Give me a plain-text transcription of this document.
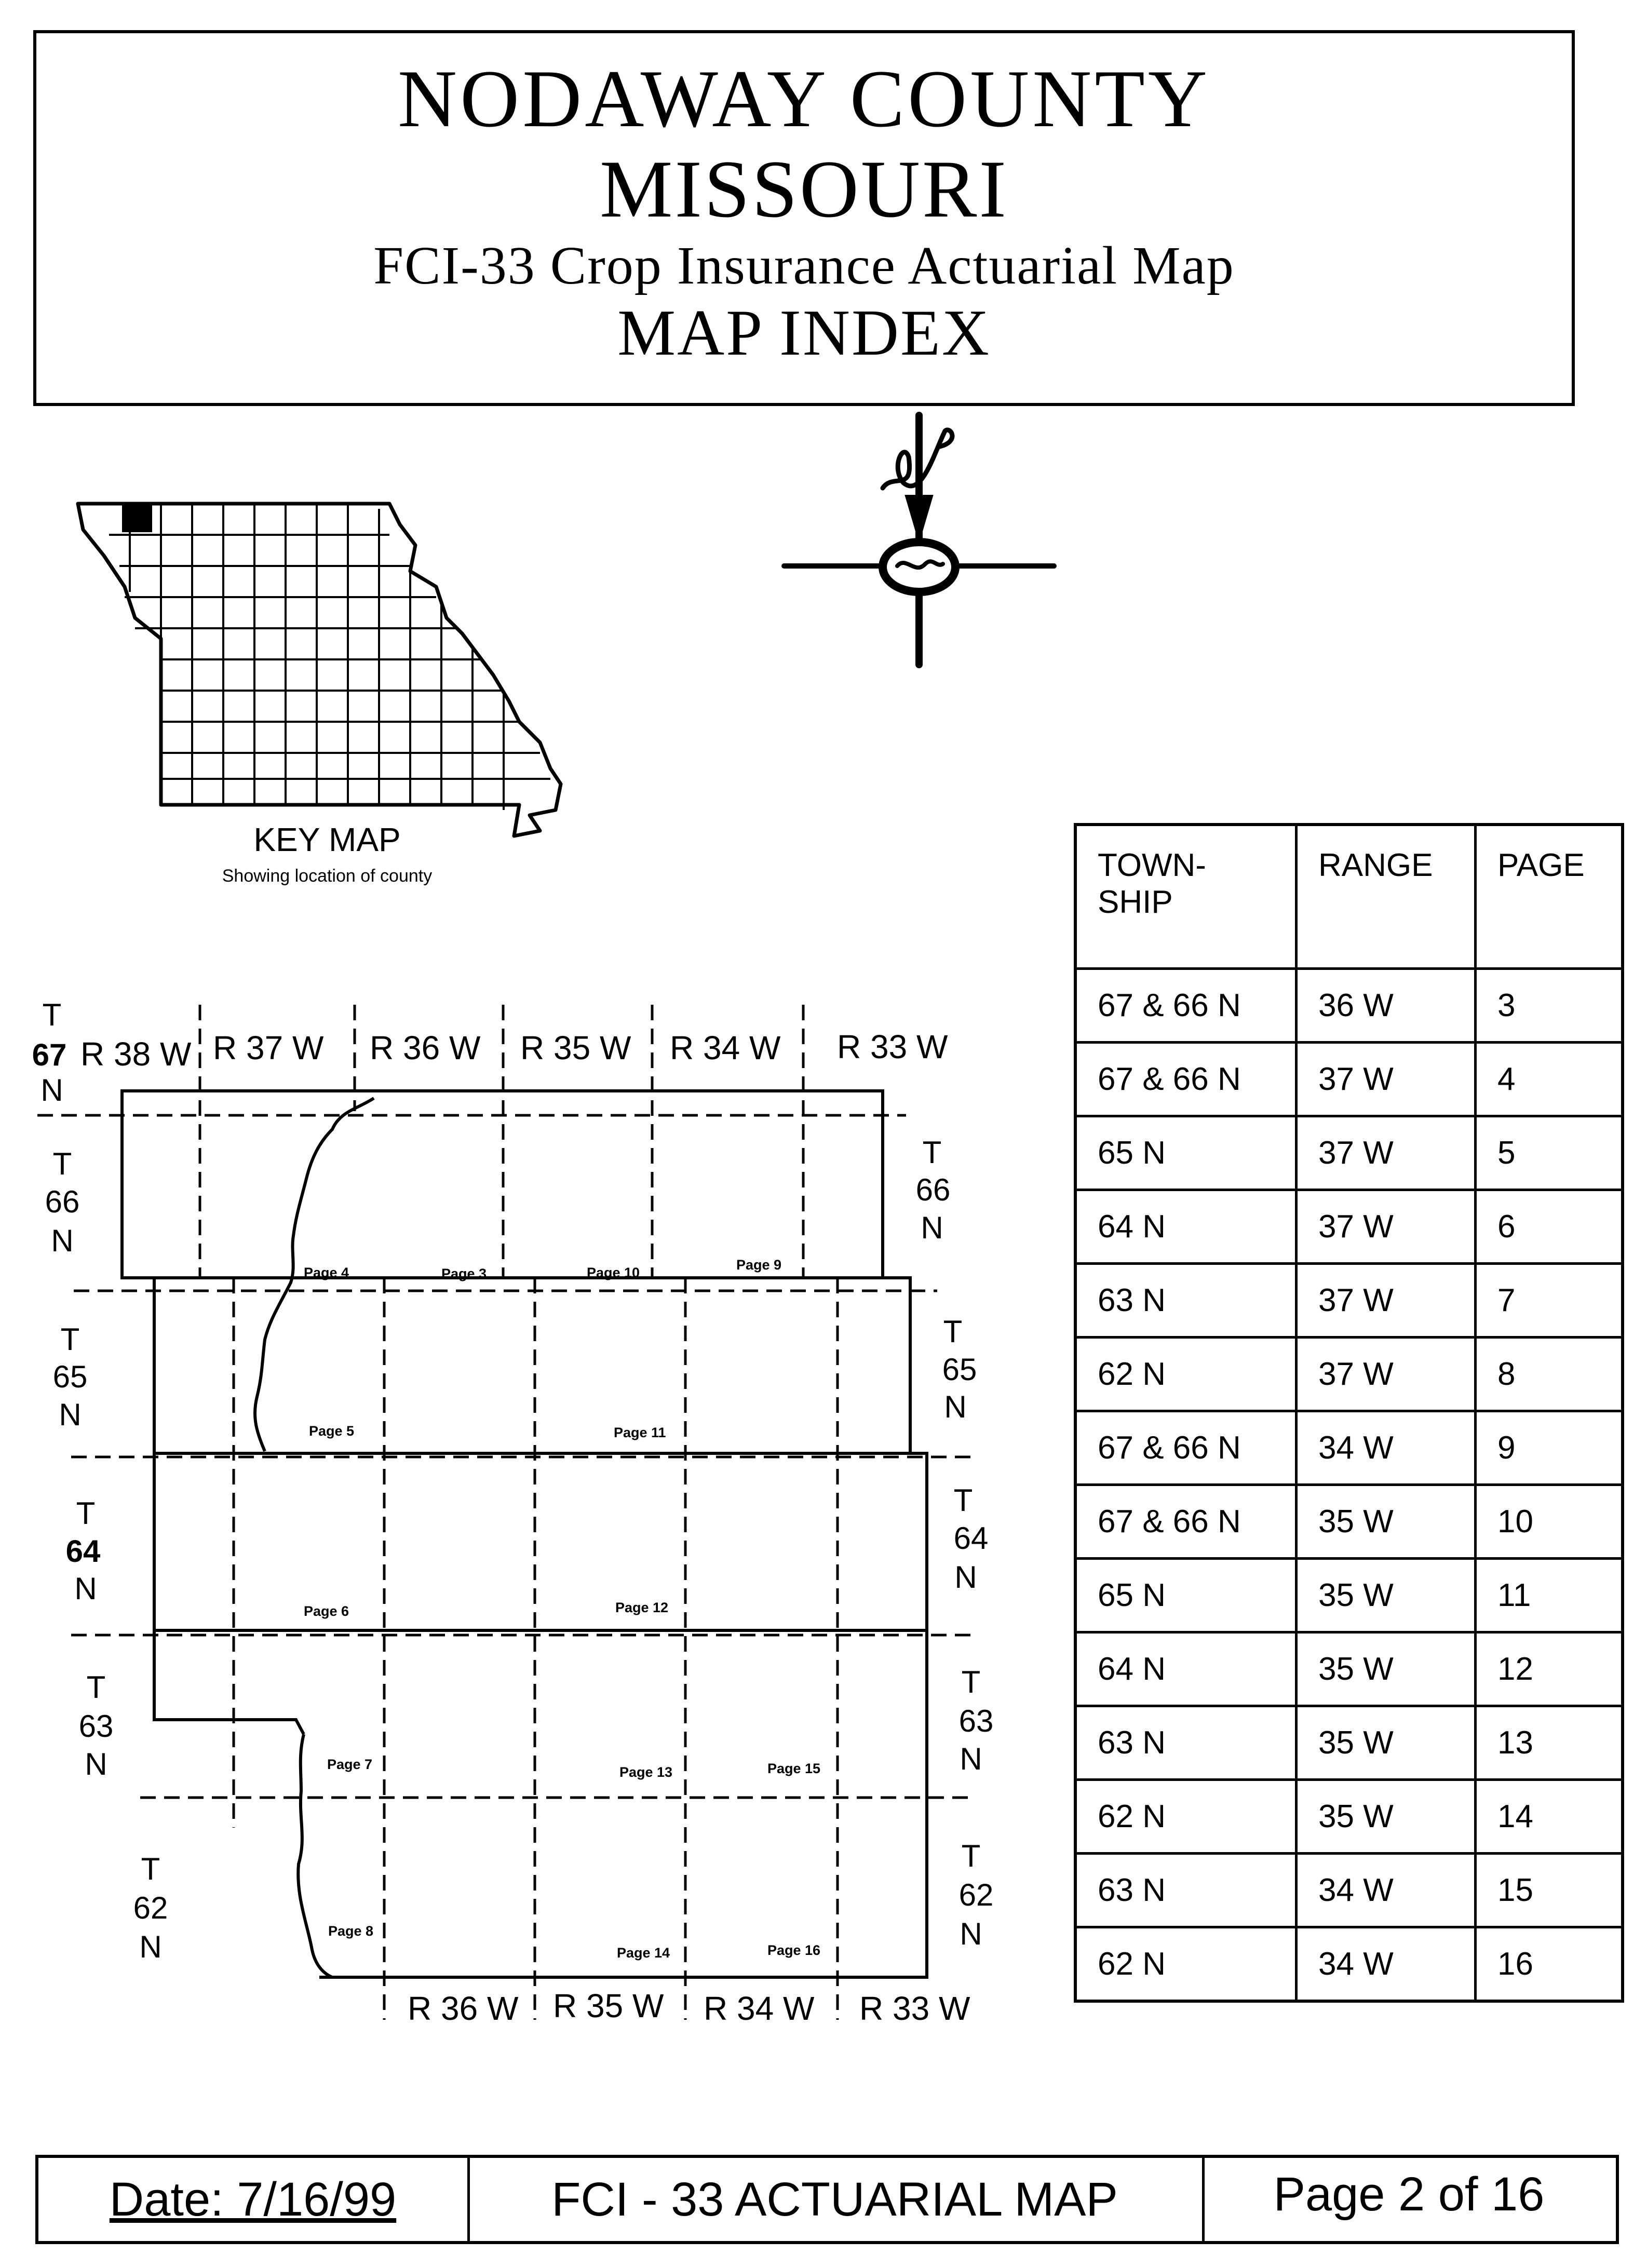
NODAWAY COUNTY
MISSOURI
FCI-33 Crop Insurance Actuarial Map
MAP INDEX
KEY MAP
Showing location of county
N
R 38 W R 37 W R 36 W R 35 W R 34 W R 33 W
R 36 W R 35 W R 34 W R 33 W
T
67
N
T
66
N
T
65
N
T
64
N
T
63
N
T
62
N
T
66
N
T
65
N
T
64
N
T
63
N
T
62
N
Page 4	Page 3	Page 10	Page 9
Page 5	Page 11
Page 6	Page 12
Page 7	Page 13	Page 15
Page 8
Page 14	Page 16
TOWN-
SHIP	RANGE	PAGE
67 & 66 N	36 W	3
67 & 66 N	37 W	4
65 N	37 W	5
64 N	37 W	6
63 N	37 W	7
62 N	37 W	8
67 & 66 N	34 W	9
67 & 66 N	35 W	10
65 N	35 W	11
64 N	35 W	12
63 N	35 W	13
62 N	35 W	14
63 N	34 W	15
62 N	34 W	16
Date: 7/16/99	FCI - 33 ACTUARIAL MAP	Page 2 of 16
